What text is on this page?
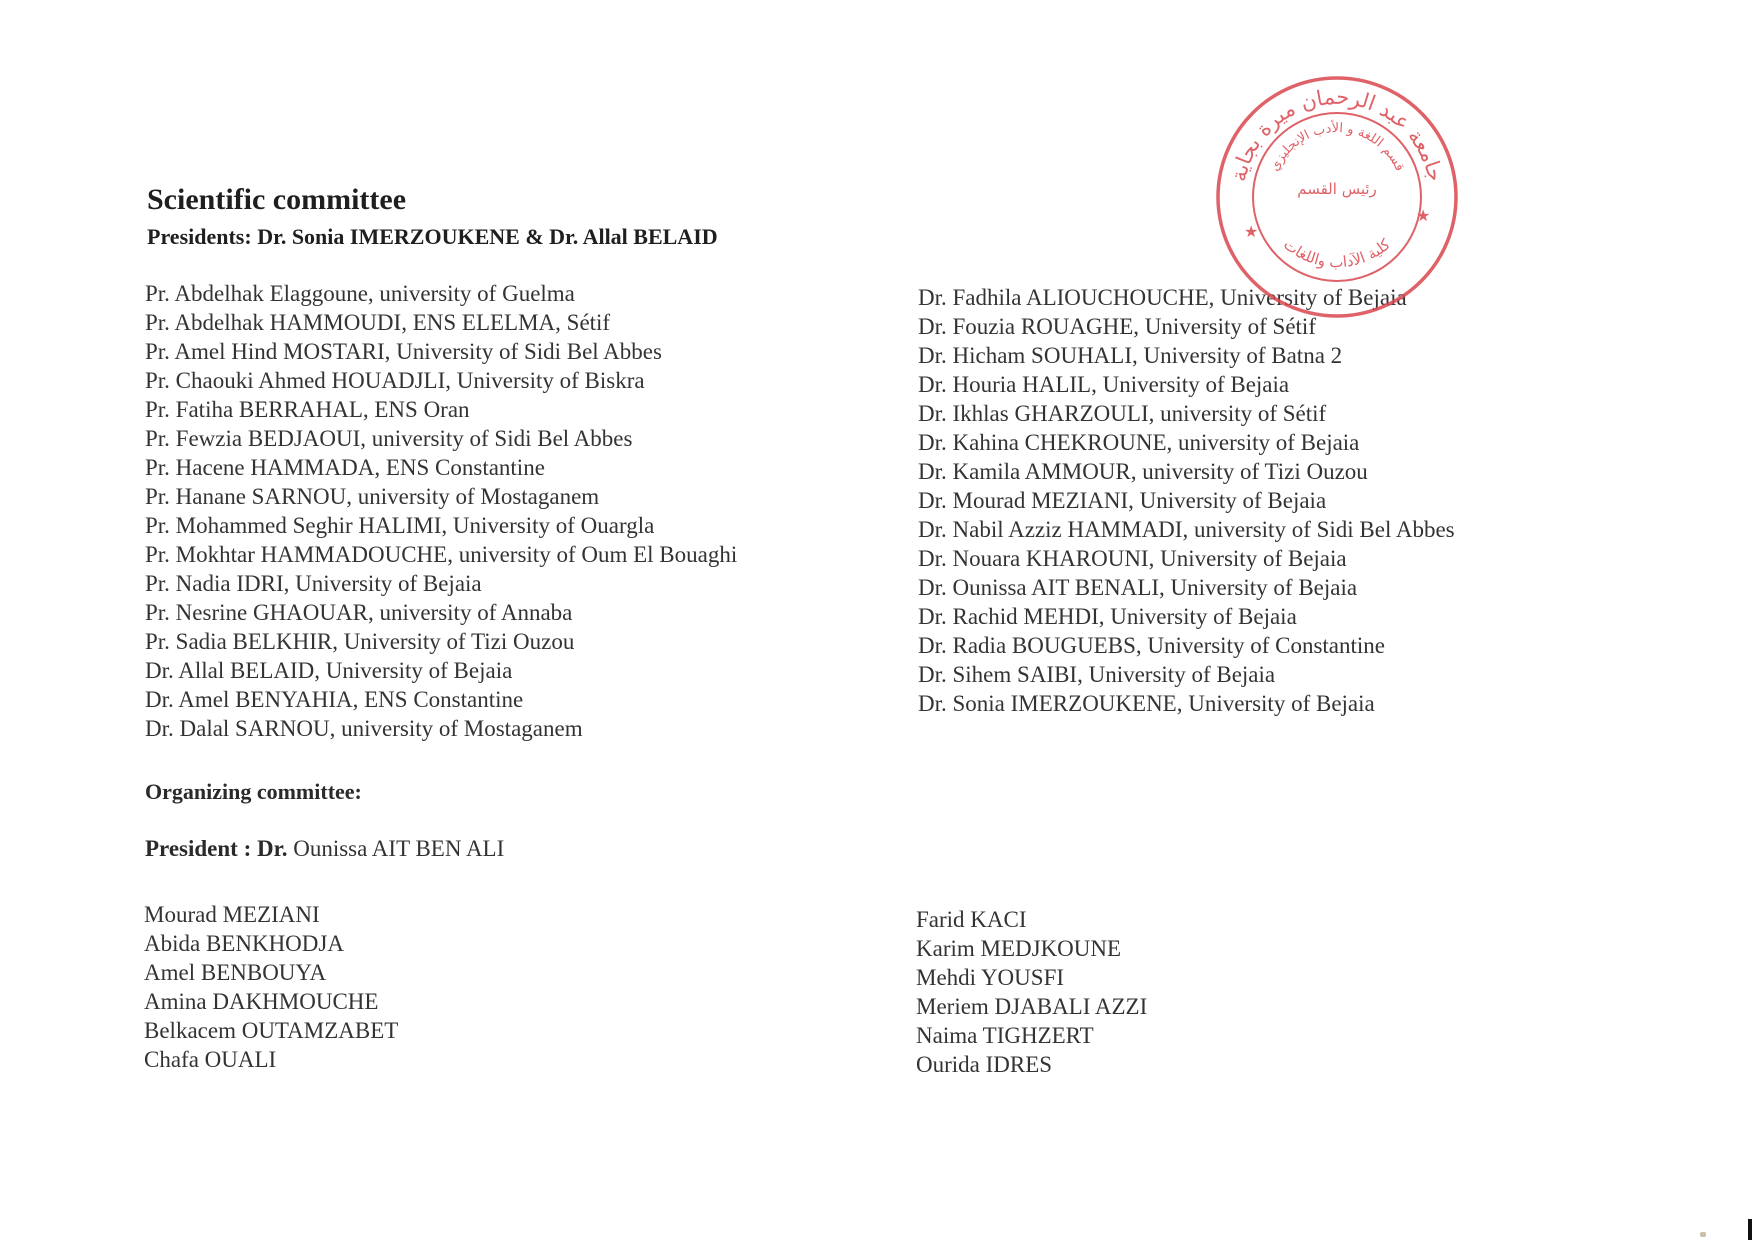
Scientific committee
Presidents: Dr. Sonia IMERZOUKENE & Dr. Allal BELAID
Pr. Abdelhak Elaggoune, university of Guelma
Pr. Abdelhak HAMMOUDI, ENS ELELMA, Sétif
Pr. Amel Hind MOSTARI, University of Sidi Bel Abbes
Pr. Chaouki Ahmed HOUADJLI, University of Biskra
Pr. Fatiha BERRAHAL, ENS Oran
Pr. Fewzia BEDJAOUI, university of Sidi Bel Abbes
Pr. Hacene HAMMADA, ENS Constantine
Pr. Hanane SARNOU, university of Mostaganem
Pr. Mohammed Seghir HALIMI, University of Ouargla
Pr. Mokhtar HAMMADOUCHE, university of Oum El Bouaghi
Pr. Nadia IDRI, University of Bejaia
Pr. Nesrine GHAOUAR, university of Annaba
Pr. Sadia BELKHIR, University of Tizi Ouzou
Dr. Allal BELAID, University of Bejaia
Dr. Amel BENYAHIA, ENS Constantine
Dr. Dalal SARNOU, university of Mostaganem
Dr. Fadhila ALIOUCHOUCHE, University of Bejaia
Dr. Fouzia ROUAGHE, University of Sétif
Dr. Hicham SOUHALI, University of Batna 2
Dr. Houria HALIL, University of Bejaia
Dr. Ikhlas GHARZOULI, university of Sétif
Dr. Kahina CHEKROUNE, university of Bejaia
Dr. Kamila AMMOUR, university of Tizi Ouzou
Dr. Mourad MEZIANI, University of Bejaia
Dr. Nabil Azziz HAMMADI, university of Sidi Bel Abbes
Dr. Nouara KHAROUNI, University of Bejaia
Dr. Ounissa AIT BENALI, University of Bejaia
Dr. Rachid MEHDI, University of Bejaia
Dr. Radia BOUGUEBS, University of Constantine
Dr. Sihem SAIBI, University of Bejaia
Dr. Sonia IMERZOUKENE, University of Bejaia
Organizing committee:
President : Dr. Ounissa AIT BEN ALI
Mourad MEZIANI
Abida BENKHODJA
Amel BENBOUYA
Amina DAKHMOUCHE
Belkacem OUTAMZABET
Chafa OUALI
Farid KACI
Karim MEDJKOUNE
Mehdi YOUSFI
Meriem DJABALI AZZI
Naima TIGHZERT
Ourida IDRES
جامعة عبد الرحمان ميرة بجاية
قسم اللغة و الأدب الإنجليزي
رئيس القسم
كلية الآداب واللغات
★
★
